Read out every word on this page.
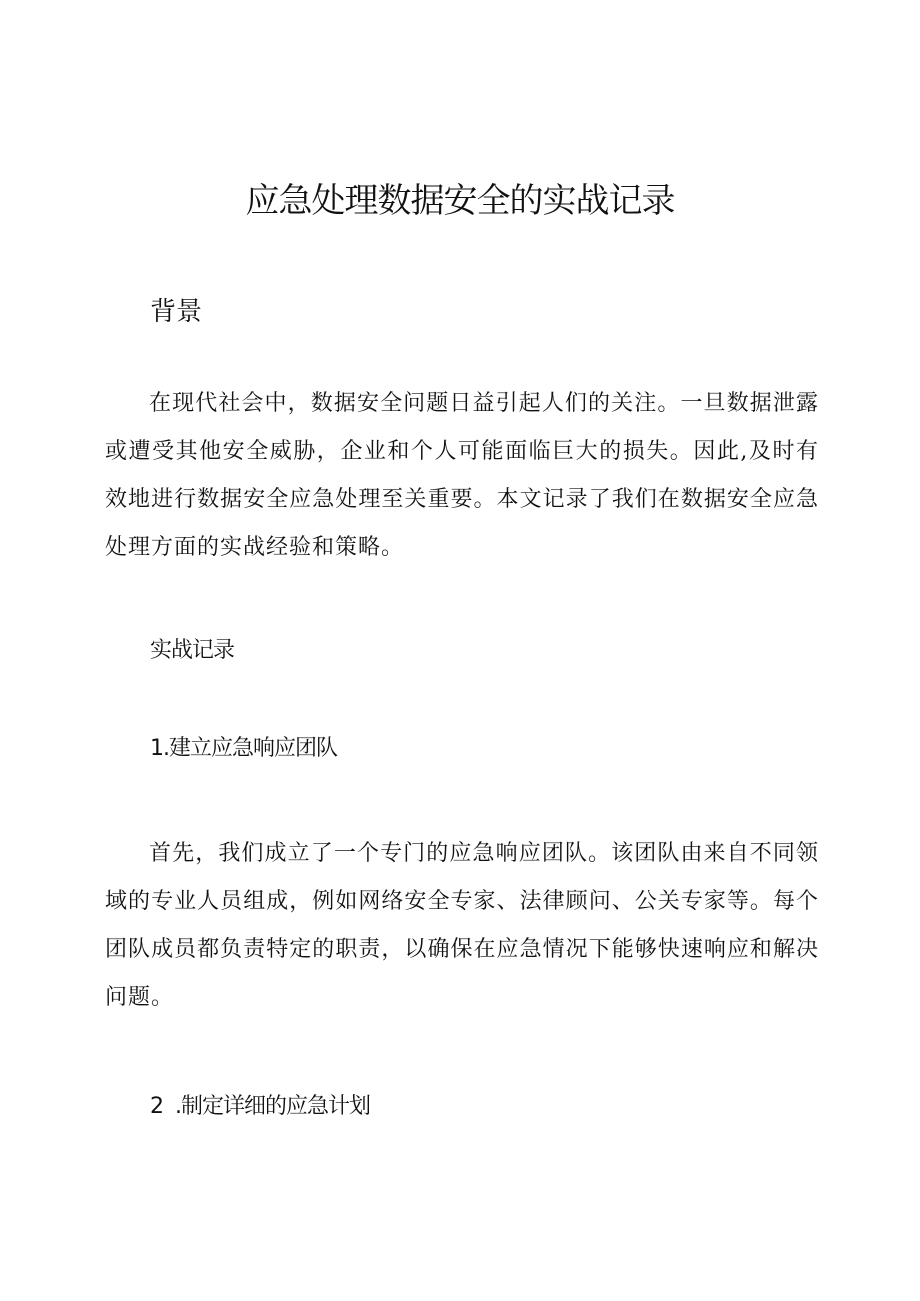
应急处理数据安全的实战记录
背景

在现代社会中，数据安全问题日益引起人们的关注。一旦数据泄露或遭受其他安全威胁，企业和个人可能面临巨大的损失。因此,及时有效地进行数据安全应急处理至关重要。本文记录了我们在数据安全应急处理方面的实战经验和策略。

实战记录
1.建立应急响应团队

首先，我们成立了一个专门的应急响应团队。该团队由来自不同领域的专业人员组成，例如网络安全专家、法律顾问、公关专家等。每个团队成员都负责特定的职责，以确保在应急情况下能够快速响应和解决问题。

2  .制定详细的应急计划
